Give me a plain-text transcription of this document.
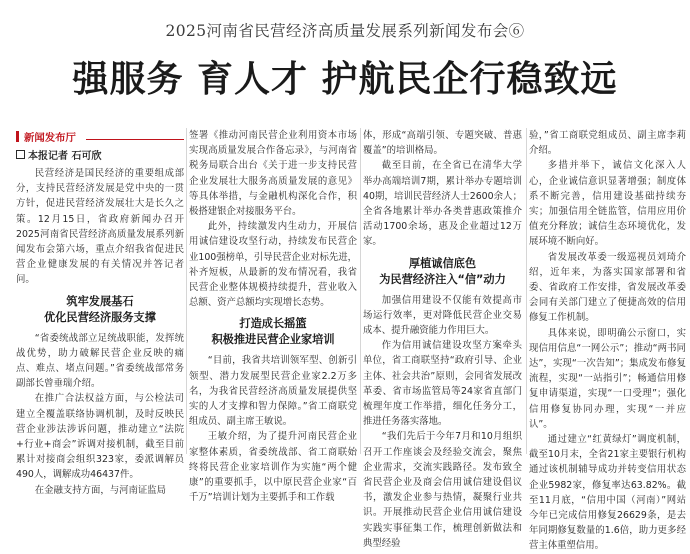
2025河南省民营经济高质量发展系列新闻发布会⑥
强服务 育人才 护航民企行稳致远
新闻发布厅
本报记者 石可欣

民营经济是国民经济的重要组成部分，支持民营经济发展是党中央的一贯方针，促进民营经济发展壮大是长久之策。12月15日，省政府新闻办召开2025河南省民营经济高质量发展系列新闻发布会第六场，重点介绍我省促进民营企业健康发展的有关情况并答记者问。

筑牢发展基石

优化民营经济服务支撑

“省委统战部立足统战职能，发挥统战优势，助力破解民营企业反映的痛点、难点、堵点问题。”省委统战部常务副部长曾垂瑞介绍。

在推广合法权益方面，与公检法司建立全覆盖联络协调机制，及时反映民营企业涉法涉诉问题，推动建立“法院+行业+商会”诉调对接机制，截至目前累计对接商会组织323家，委派调解员490人，调解成功46437件。

在金融支持方面，与河南证监局

签署《推动河南民营企业利用资本市场实现高质量发展合作备忘录》，与河南省税务局联合出台《关于进一步支持民营企业发展壮大服务高质量发展的意见》等具体举措，与金融机构深化合作，积极搭建银企对接服务平台。

此外，持续激发内生动力，开展信用诚信建设攻坚行动，持续发布民营企业100强榜单，引导民营企业对标先进，补齐短板，从最新的发布情况看，我省民营企业整体规模持续提升，营业收入总额、资产总额均实现增长态势。

打造成长摇篮

积极推进民营企业家培训

“目前，我省共培训领军型、创新引领型、潜力发展型民营企业家2.2万多名，为我省民营经济高质量发展提供坚实的人才支撑和智力保障。”省工商联党组成员、副主席王敏说。

王敏介绍，为了提升河南民营企业家整体素质，省委统战部、省工商联始终将民营企业家培训作为实施“两个健康”的重要抓手，以中原民营企业家“百千万”培训计划为主要抓手和工作载

体，形成“高端引领、专题突破、普惠覆盖”的培训格局。

截至目前，在全省已在清华大学举办高端培训7期，累计举办专题培训40期，培训民营经济人士2600余人；全省各地累计举办各类普惠政策推介活动1700余场，惠及企业超过12万家。

厚植诚信底色

为民营经济注入“信”动力

加强信用建设不仅能有效提高市场运行效率，更对降低民营企业交易成本、提升融资能力作用巨大。

作为信用诚信建设攻坚方案牵头单位，省工商联坚持“政府引导、企业主体、社会共治”原则，会同省发展改革委、省市场监管局等24家省直部门梳理年度工作举措，细化任务分工，推进任务落实落地。

“我们先后于今年7月和10月组织召开工作座谈会及经验交流会，聚焦企业需求，交流实践路径。发布致全省民营企业及商会信用诚信建设倡议书，激发企业参与热情，凝聚行业共识。开展推动民营企业信用诚信建设实践实事征集工作，梳理创新做法和典型经验

验，”省工商联党组成员、副主席李莉介绍。

多措并举下，诚信文化深入人心，企业诚信意识显著增强；制度体系不断完善，信用建设基础持续夯实；加强信用全链监管，信用应用价值充分释放；诚信生态环境优化，发展环境不断向好。

省发展改革委一级巡视员刘琦介绍，近年来，为落实国家部署和省委、省政府工作安排，省发展改革委会同有关部门建立了便捷高效的信用修复工作机制。

具体来说，即明确公示窗口，实现信用信息“一网公示”；推动“两书同达”，实现“一次告知”；集成发布修复流程，实现“一站指引”；畅通信用修复申请渠道，实现“一口受理”；强化信用修复协同办理，实现“一并应认”。

通过建立“红黄绿灯”调度机制，截至10月末，全省21家主要银行机构通过该机制辅导成功并转变信用状态企业5982家，修复率达63.82%。截至11月底，“信用中国（河南）”网站今年已完成信用修复26629条，是去年同期修复数量的1.6倍，助力更多经营主体重塑信用。
